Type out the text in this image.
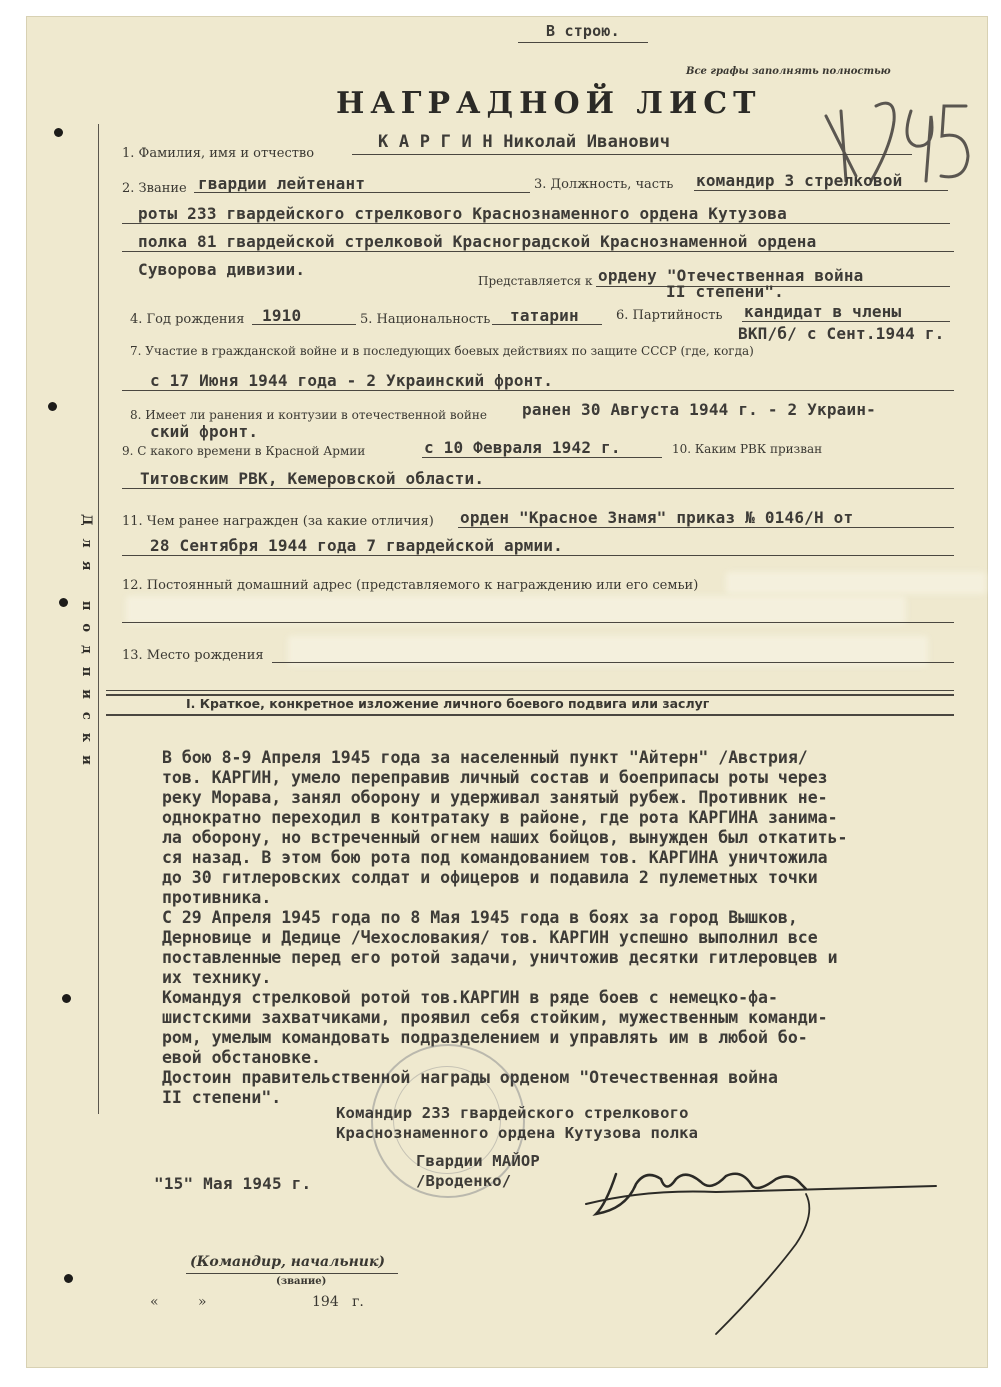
Для подписки
В строю.
Все графы заполнять полностью
НАГРАДНОЙ ЛИСТ
1. Фамилия, имя и отчество
К А Р Г И Н Николай Иванович
2. Звание гвардии лейтенант	3. Должность, часть командир 3 стрелковой
роты 233 гвардейского стрелкового Краснознаменного ордена Кутузова
полка 81 гвардейской стрелковой Красноградской Краснознаменной ордена
Суворова дивизии.
Представляется к ордену "Отечественная война
II степени".
4. Год рождения 1910	5. Национальность татарин	6. Партийность кандидат в члены
ВКП/б/ с Сент.1944 г.
7. Участие в гражданской войне и в последующих боевых действиях по защите СССР (где, когда)
с 17 Июня 1944 года - 2 Украинский фронт.
8. Имеет ли ранения и контузии в отечественной войне ранен 30 Августа 1944 г. - 2 Украин-
ский фронт.
9. С какого времени в Красной Армии	с 10 Февраля 1942 г.	10. Каким РВК призван
Титовским РВК, Кемеровской области.
11. Чем ранее награжден (за какие отличия) орден "Красное Знамя" приказ № 0146/Н от
28 Сентября 1944 года 7 гвардейской армии.
12. Постоянный домашний адрес (представляемого к награждению или его семьи)
13. Место рождения
I. Краткое, конкретное изложение личного боевого подвига или заслуг
В бою 8-9 Апреля 1945 года за населенный пункт "Айтерн" /Австрия/
тов. КАРГИН, умело переправив личный состав и боеприпасы роты через
реку Морава, занял оборону и удерживал занятый рубеж. Противник не-
однократно переходил в контратаку в районе, где рота КАРГИНА занима-
ла оборону, но встреченный огнем наших бойцов, вынужден был откатить-
ся назад. В этом бою рота под командованием тов. КАРГИНА уничтожила
до 30 гитлеровских солдат и офицеров и подавила 2 пулеметных точки
противника.
С 29 Апреля 1945 года по 8 Мая 1945 года в боях за город Вышков,
Дерновице и Дедице /Чехословакия/ тов. КАРГИН успешно выполнил все
поставленные перед его ротой задачи, уничтожив десятки гитлеровцев и
их технику.
Командуя стрелковой ротой тов.КАРГИН в ряде боев с немецко-фа-
шистскими захватчиками, проявил себя стойким, мужественным команди-
ром, умелым командовать подразделением и управлять им в любой бо-
евой обстановке.
Достоин правительственной награды орденом "Отечественная война
II степени".
Командир 233 гвардейского стрелкового
Краснознаменного ордена Кутузова полка
Гвардии МАЙОР
/Вроденко/
"15" Мая 1945 г.
(Командир, начальник)
(звание)
«	»	194   г.
